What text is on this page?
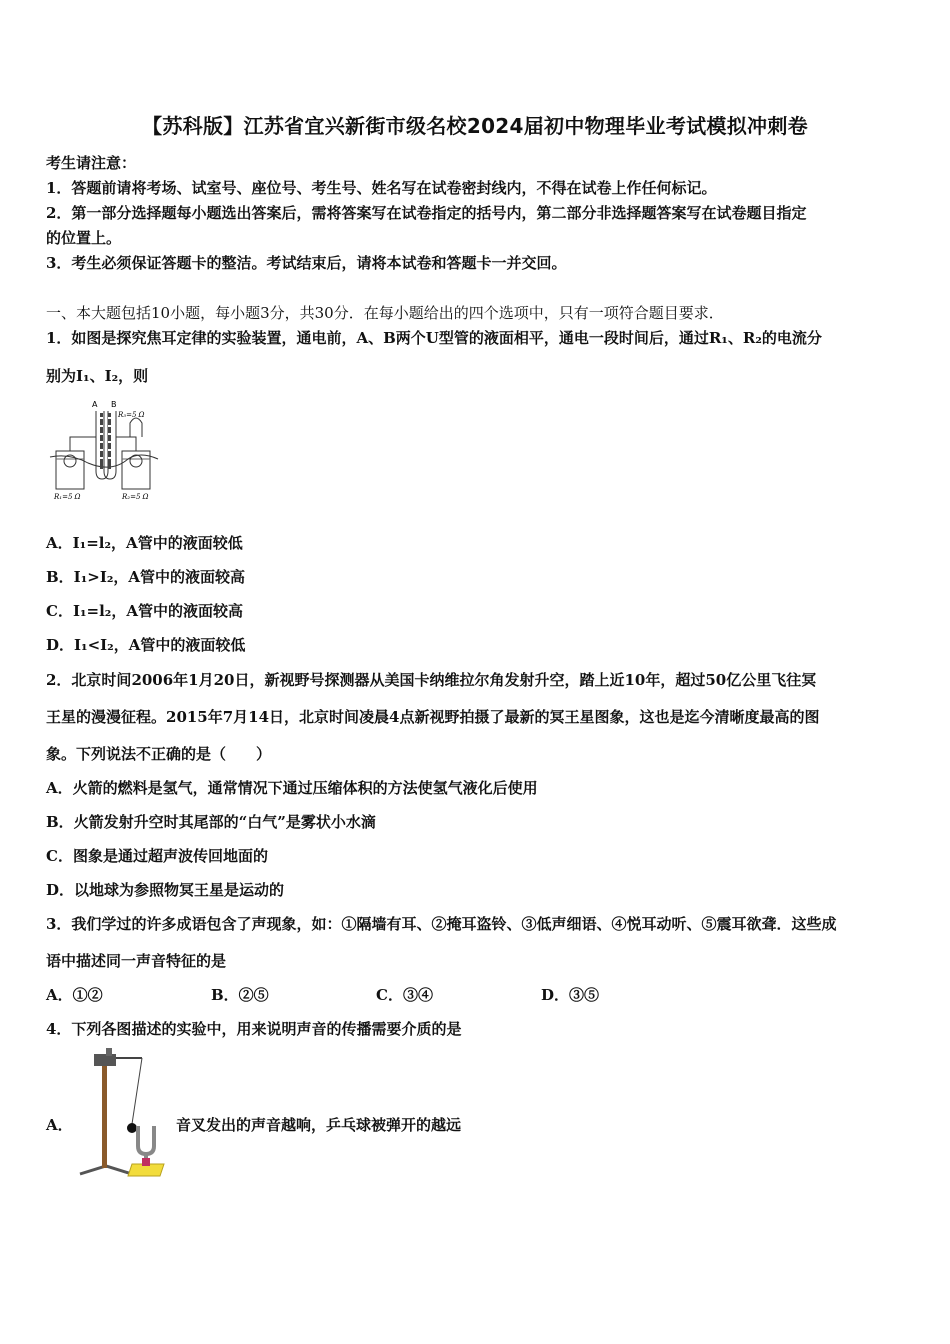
【苏科版】江苏省宜兴新街市级名校2024届初中物理毕业考试模拟冲刺卷
考生请注意：
1．答题前请将考场、试室号、座位号、考生号、姓名写在试卷密封线内，不得在试卷上作任何标记。
2．第一部分选择题每小题选出答案后，需将答案写在试卷指定的括号内，第二部分非选择题答案写在试卷题目指定
的位置上。
3．考生必须保证答题卡的整洁。考试结束后，请将本试卷和答题卡一并交回。
一、本大题包括10小题，每小题3分，共30分．在每小题给出的四个选项中，只有一项符合题目要求．
1．如图是探究焦耳定律的实验装置，通电前，A、B两个U型管的液面相平，通电一段时间后，通过R₁、R₂的电流分
别为I₁、I₂，则
A B
R₃=5 Ω
R₁=5 Ω	R₂=5 Ω
A．I₁=l₂，A管中的液面较低
B．I₁>I₂，A管中的液面较高
C．I₁=l₂，A管中的液面较高
D．I₁<I₂，A管中的液面较低
2．北京时间2006年1月20日，新视野号探测器从美国卡纳维拉尔角发射升空，踏上近10年，超过50亿公里飞往冥
王星的漫漫征程。2015年7月14日，北京时间凌晨4点新视野拍摄了最新的冥王星图象，这也是迄今清晰度最高的图
象。下列说法不正确的是（　　）
A．火箭的燃料是氢气，通常情况下通过压缩体积的方法使氢气液化后使用
B．火箭发射升空时其尾部的“白气”是雾状小水滴
C．图象是通过超声波传回地面的
D．以地球为参照物冥王星是运动的
3．我们学过的许多成语包含了声现象，如：①隔墙有耳、②掩耳盗铃、③低声细语、④悦耳动听、⑤震耳欲聋．这些成
语中描述同一声音特征的是
A．①②	B．②⑤	C．③④	D．③⑤
4．下列各图描述的实验中，用来说明声音的传播需要介质的是
A．	音叉发出的声音越响，乒乓球被弹开的越远
